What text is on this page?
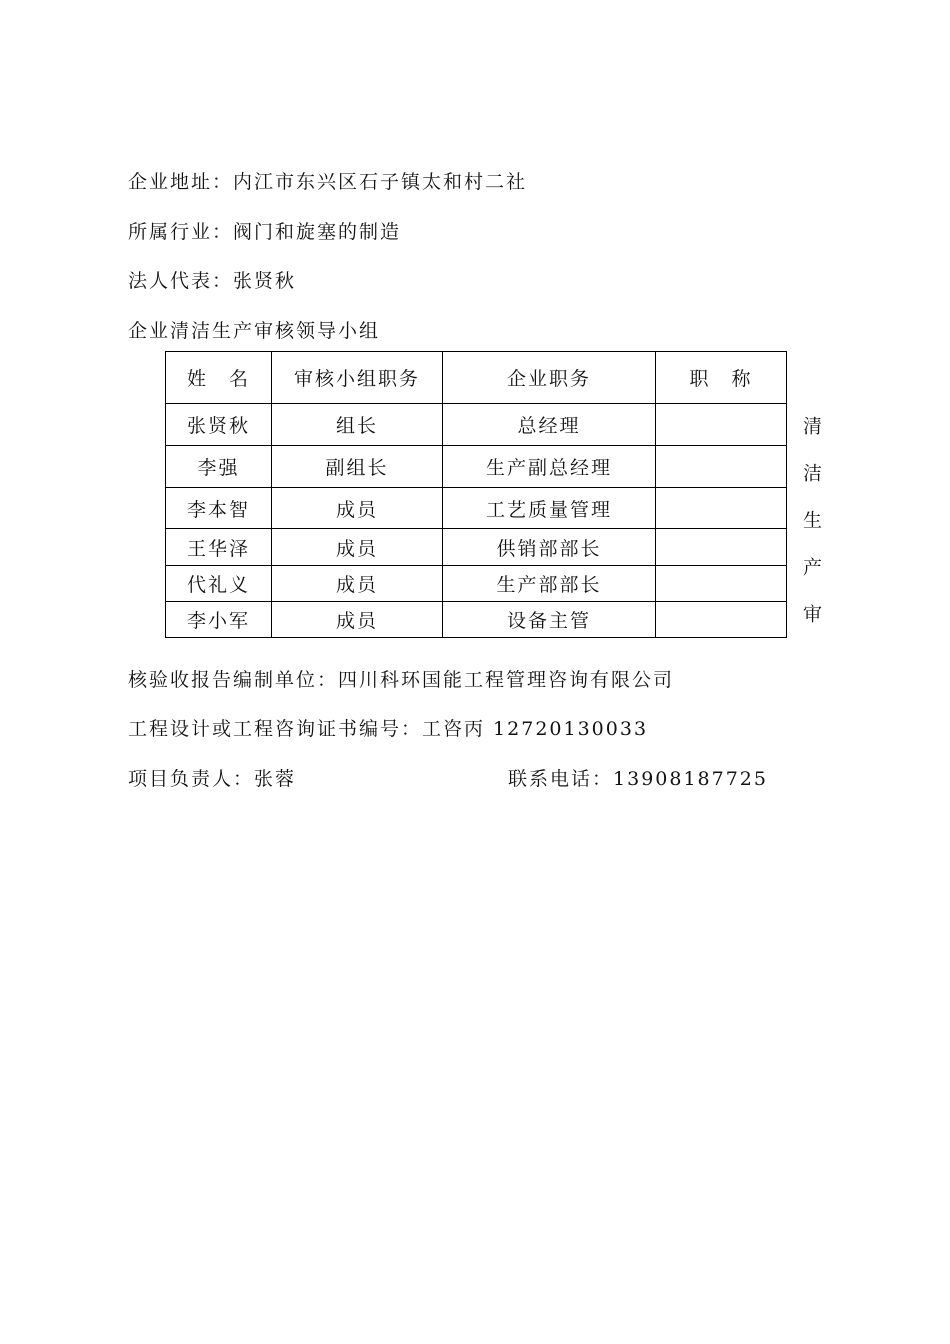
企业地址：内江市东兴区石子镇太和村二社
所属行业：阀门和旋塞的制造
法人代表：张贤秋
企业清洁生产审核领导小组
姓　名	审核小组职务	企业职务	职　称
张贤秋	组长	总经理	
李强	副组长	生产副总经理	
李本智	成员	工艺质量管理	
王华泽	成员	供销部部长	
代礼义	成员	生产部部长	
李小军	成员	设备主管		清洁生产审
核验收报告编制单位：四川科环国能工程管理咨询有限公司
工程设计或工程咨询证书编号：工咨丙 12720130033
项目负责人：张蓉	联系电话：13908187725
